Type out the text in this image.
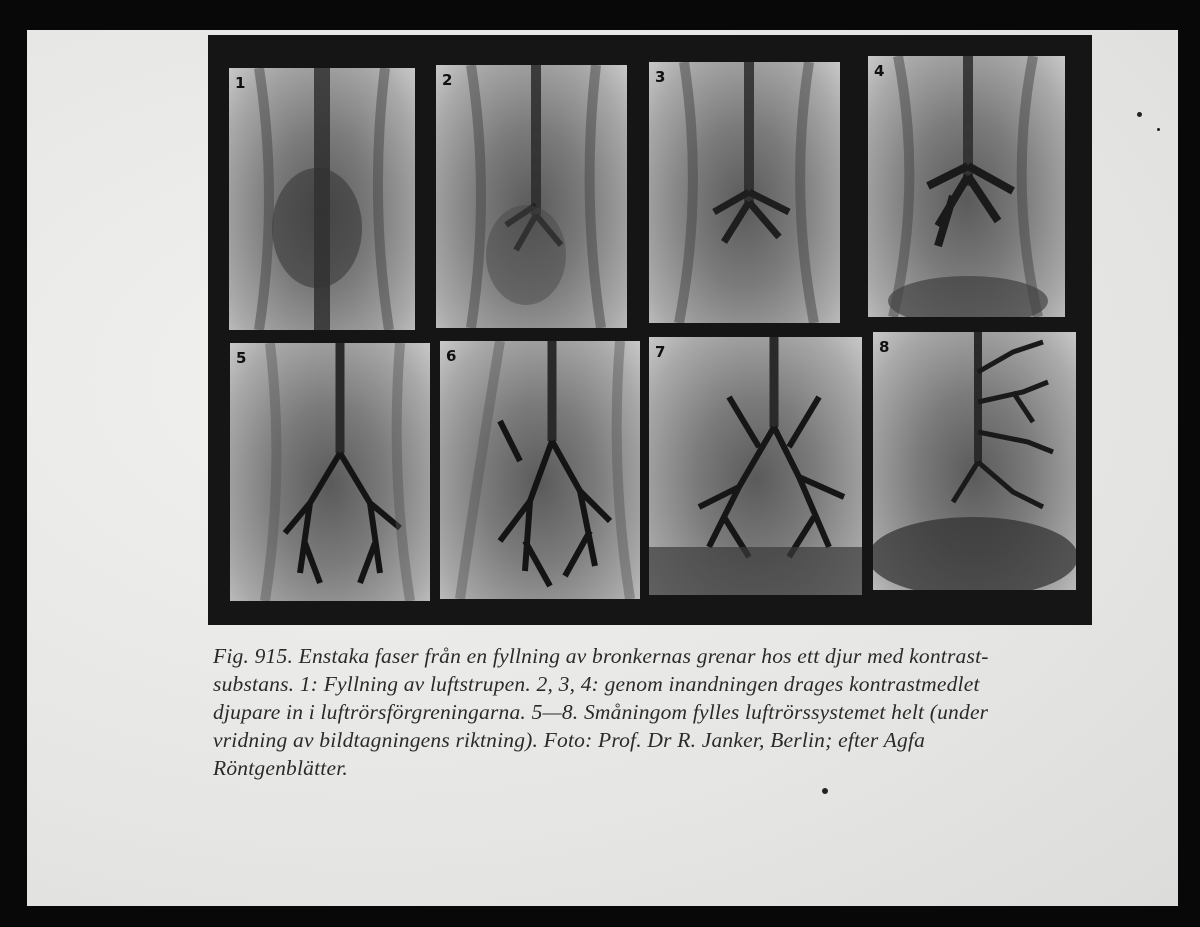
1	2	3	4
5	6	7	8
Fig. 915. Enstaka faser från en fyllning av bronkernas grenar hos ett djur med kontrast-
substans. 1: Fyllning av luftstrupen. 2, 3, 4: genom inandningen drages kontrastmedlet
djupare in i luftrörsförgreningarna. 5—8. Småningom fylles luftrörssystemet helt (under
vridning av bildtagningens riktning). Foto: Prof. Dr R. Janker, Berlin; efter Agfa
Röntgenblätter.
